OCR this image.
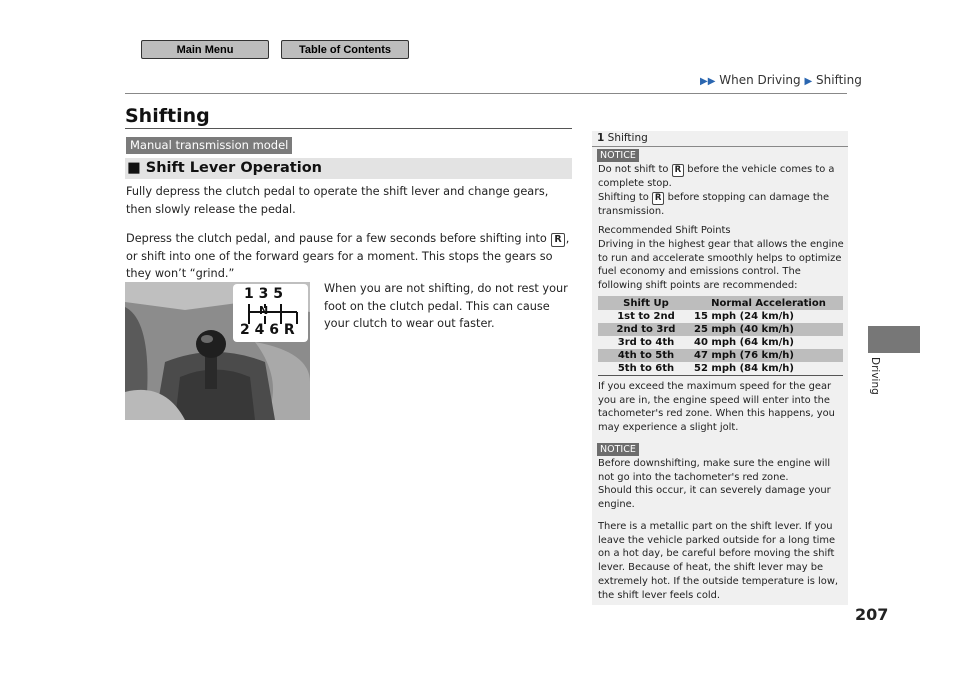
Main Menu	Table of Contents
▶▶ When Driving ▶ Shifting
Shifting
Manual transmission model
■ Shift Lever Operation
Fully depress the clutch pedal to operate the shift lever and change gears, then slowly release the pedal.
Depress the clutch pedal, and pause for a few seconds before shifting into R , or shift into one of the forward gears for a moment. This stops the gears so they won’t “grind.”
When you are not shifting, do not rest your foot on the clutch pedal. This can cause your clutch to wear out faster.
1 3 5
N
2 4 6 R
1 Shifting
NOTICE
Do not shift to R before the vehicle comes to a complete stop.
Shifting to R before stopping can damage the transmission.
Recommended Shift Points
Driving in the highest gear that allows the engine to run and accelerate smoothly helps to optimize fuel economy and emissions control. The following shift points are recommended:
Shift Up	Normal Acceleration
1st to 2nd	15 mph (24 km/h)
2nd to 3rd	25 mph (40 km/h)
3rd to 4th	40 mph (64 km/h)
4th to 5th	47 mph (76 km/h)
5th to 6th	52 mph (84 km/h)
If you exceed the maximum speed for the gear you are in, the engine speed will enter into the tachometer's red zone. When this happens, you may experience a slight jolt.
NOTICE
Before downshifting, make sure the engine will not go into the tachometer's red zone.
Should this occur, it can severely damage your engine.
There is a metallic part on the shift lever. If you leave the vehicle parked outside for a long time on a hot day, be careful before moving the shift lever. Because of heat, the shift lever may be extremely hot. If the outside temperature is low, the shift lever feels cold.
Driving
207
